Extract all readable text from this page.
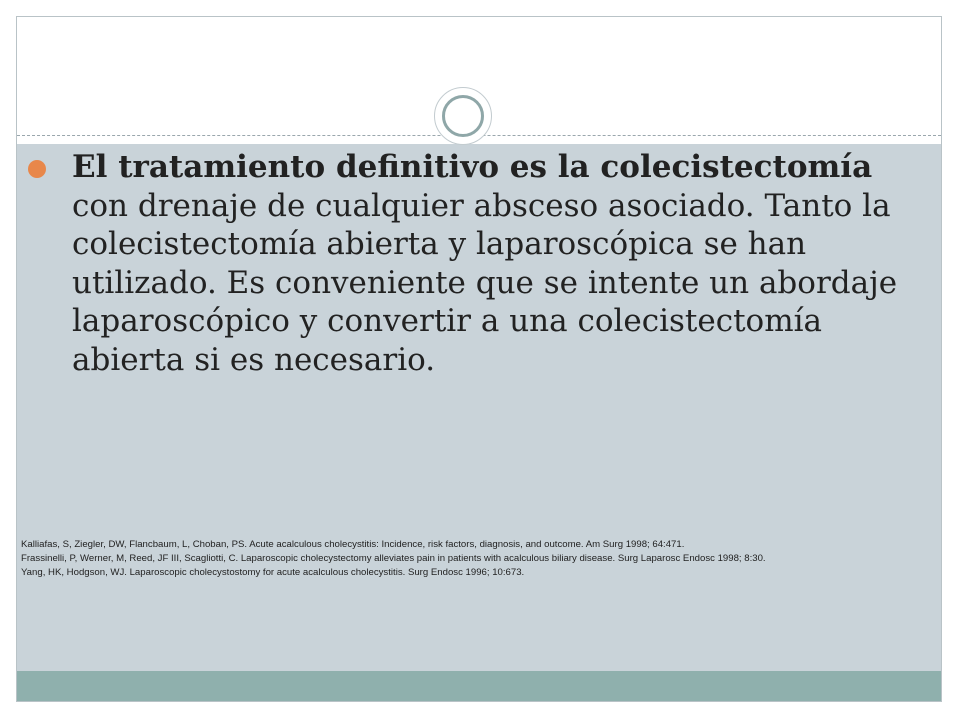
El tratamiento definitivo es la colecistectomía con drenaje de cualquier absceso asociado. Tanto la colecistectomía abierta y laparoscópica se han utilizado. Es conveniente que se intente un abordaje laparoscópico y convertir a una colecistectomía abierta si es necesario.
Kalliafas, S, Ziegler, DW, Flancbaum, L, Choban, PS. Acute acalculous cholecystitis: Incidence, risk factors, diagnosis, and outcome. Am Surg 1998; 64:471.
Frassinelli, P, Werner, M, Reed, JF III, Scagliotti, C. Laparoscopic cholecystectomy alleviates pain in patients with acalculous biliary disease. Surg Laparosc Endosc 1998; 8:30.
Yang, HK, Hodgson, WJ. Laparoscopic cholecystostomy for acute acalculous cholecystitis. Surg Endosc 1996; 10:673.
